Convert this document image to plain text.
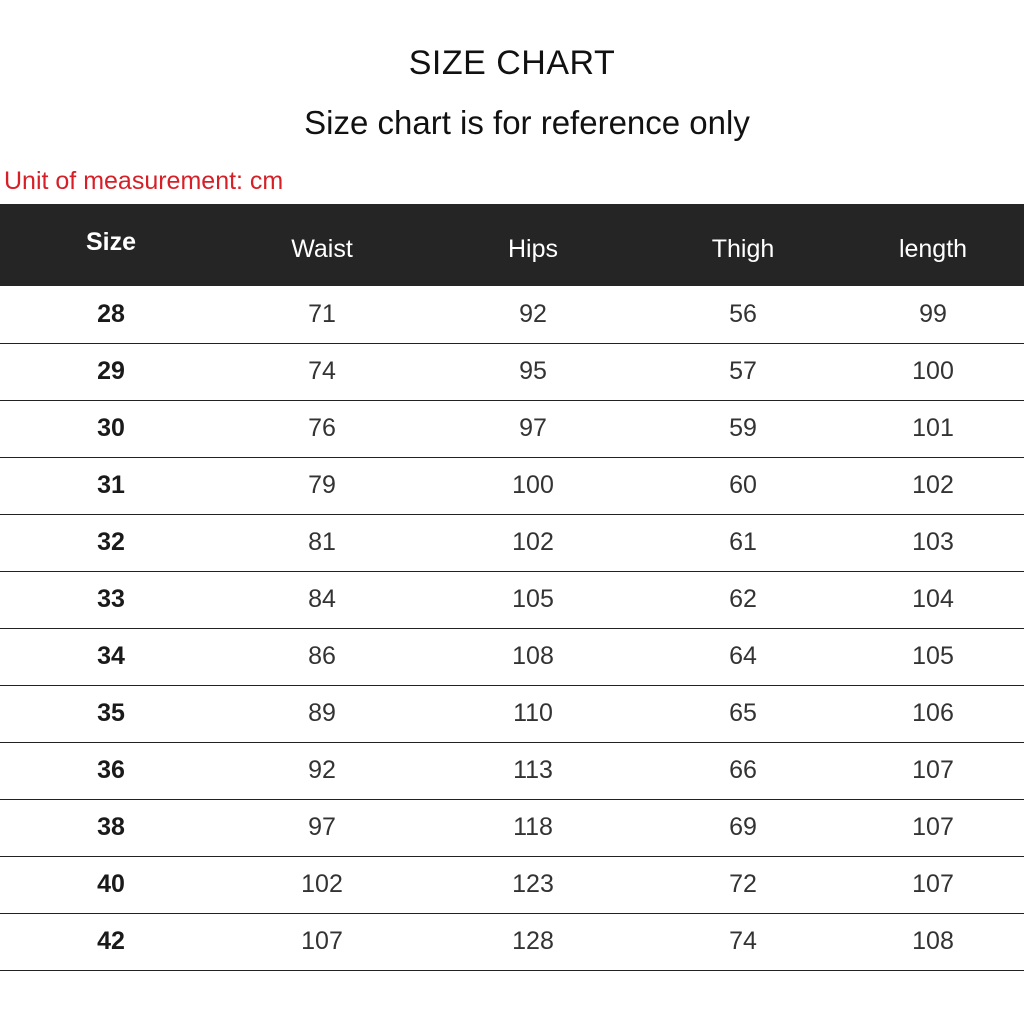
SIZE CHART
Size chart is for reference only
Unit of measurement: cm
Size	Waist	Hips	Thigh	length
28	71	92	56	99
29	74	95	57	100
30	76	97	59	101
31	79	100	60	102
32	81	102	61	103
33	84	105	62	104
34	86	108	64	105
35	89	110	65	106
36	92	113	66	107
38	97	118	69	107
40	102	123	72	107
42	107	128	74	108
